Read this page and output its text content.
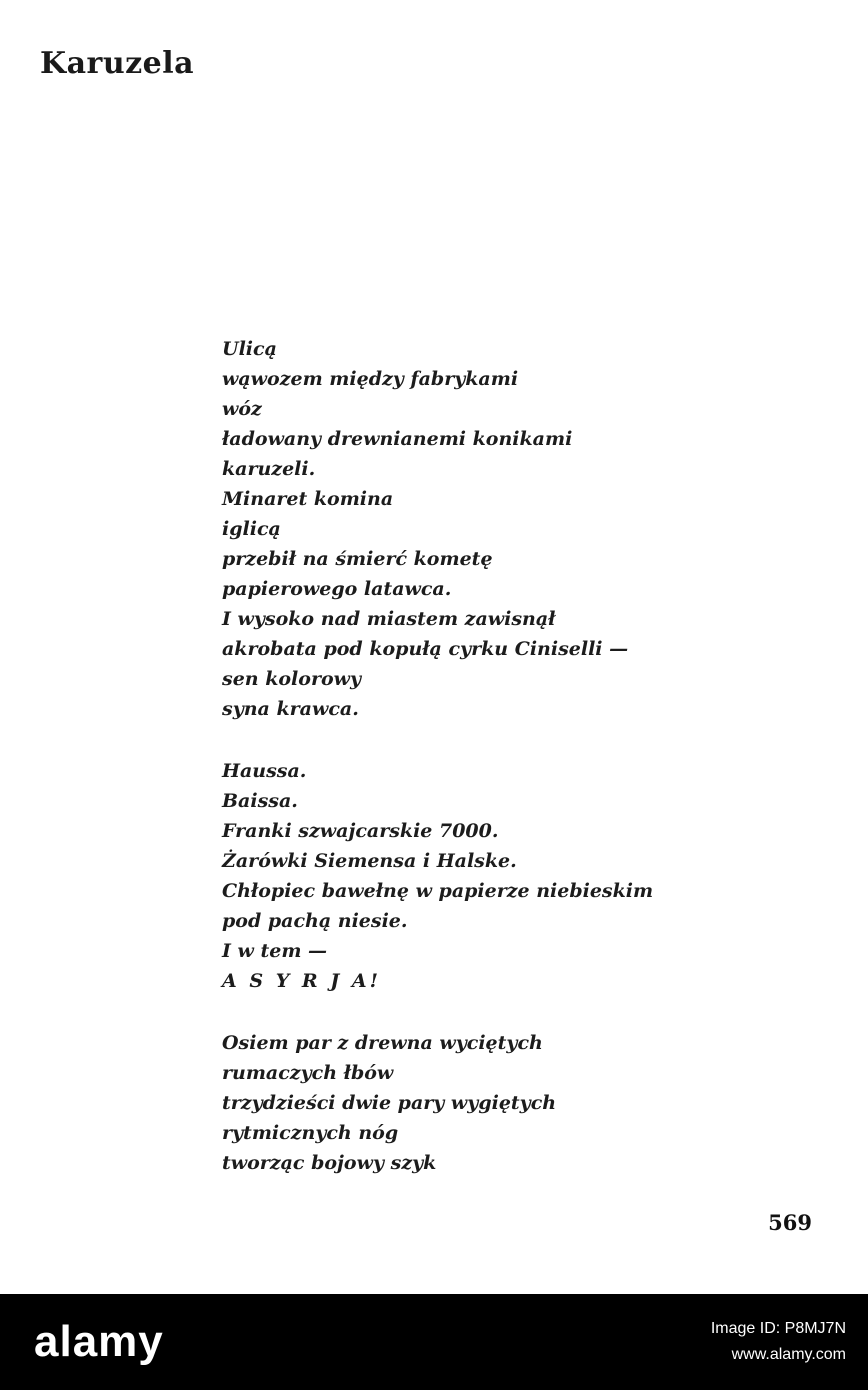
Karuzela
Ulicą
wąwozem między fabrykami
wóz
ładowany drewnianemi konikami
karuzeli.
Minaret komina
iglicą
przebił na śmierć kometę
papierowego latawca.
I wysoko nad miastem zawisnął
akrobata pod kopułą cyrku Ciniselli —
sen kolorowy
syna krawca.
Haussa.
Baissa.
Franki szwajcarskie 7000.
Żarówki Siemensa i Halske.
Chłopiec bawełnę w papierze niebieskim
pod pachą niesie.
I w tem —
A S Y R J A!
Osiem par z drewna wyciętych
rumaczych łbów
trzydzieści dwie pary wygiętych
rytmicznych nóg
tworząc bojowy szyk
569
alamy	Image ID: P8MJ7N
www.alamy.com
